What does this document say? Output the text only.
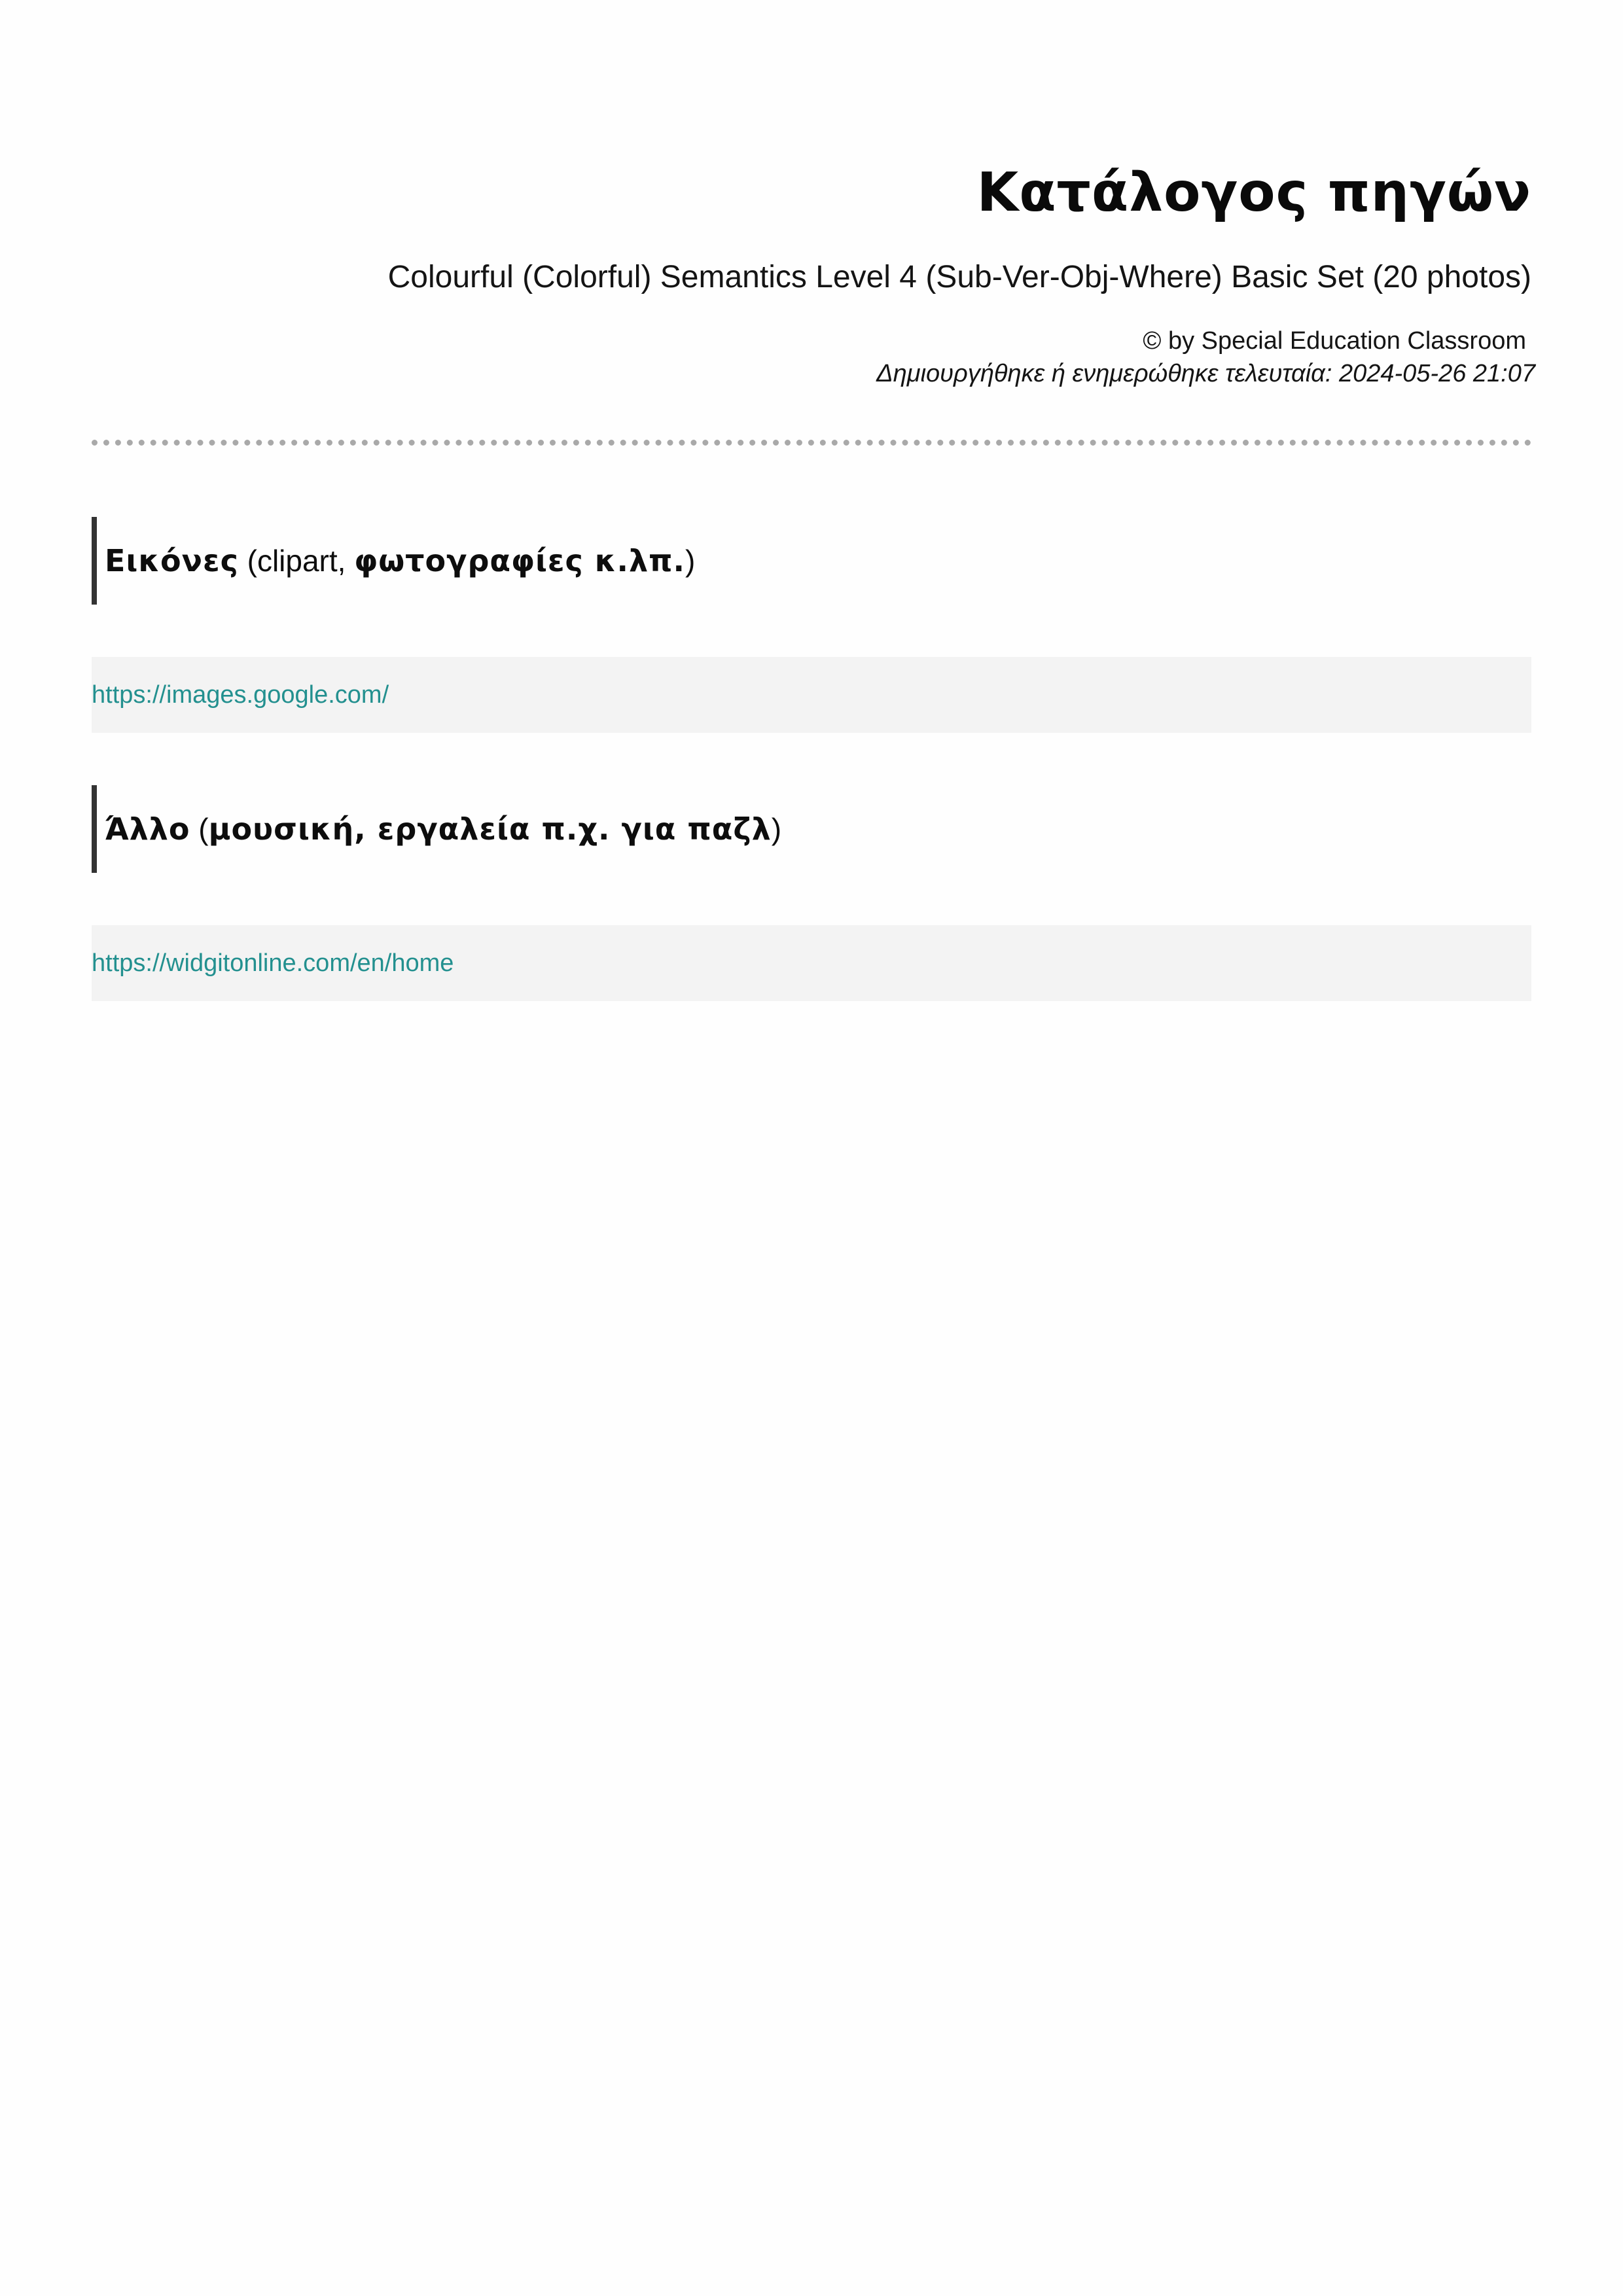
Κατάλογος πηγών

Colourful (Colorful) Semantics Level 4 (Sub-Ver-Obj-Where) Basic Set (20 photos)

© by Special Education Classroom

Δημιουργήθηκε ή ενημερώθηκε τελευταία: 2024-05-26 21:07

Εικόνες (clipart, φωτογραφίες κ.λπ.)
https://images.google.com/
Άλλο (μουσική, εργαλεία π.χ. για παζλ)
https://widgitonline.com/en/home
